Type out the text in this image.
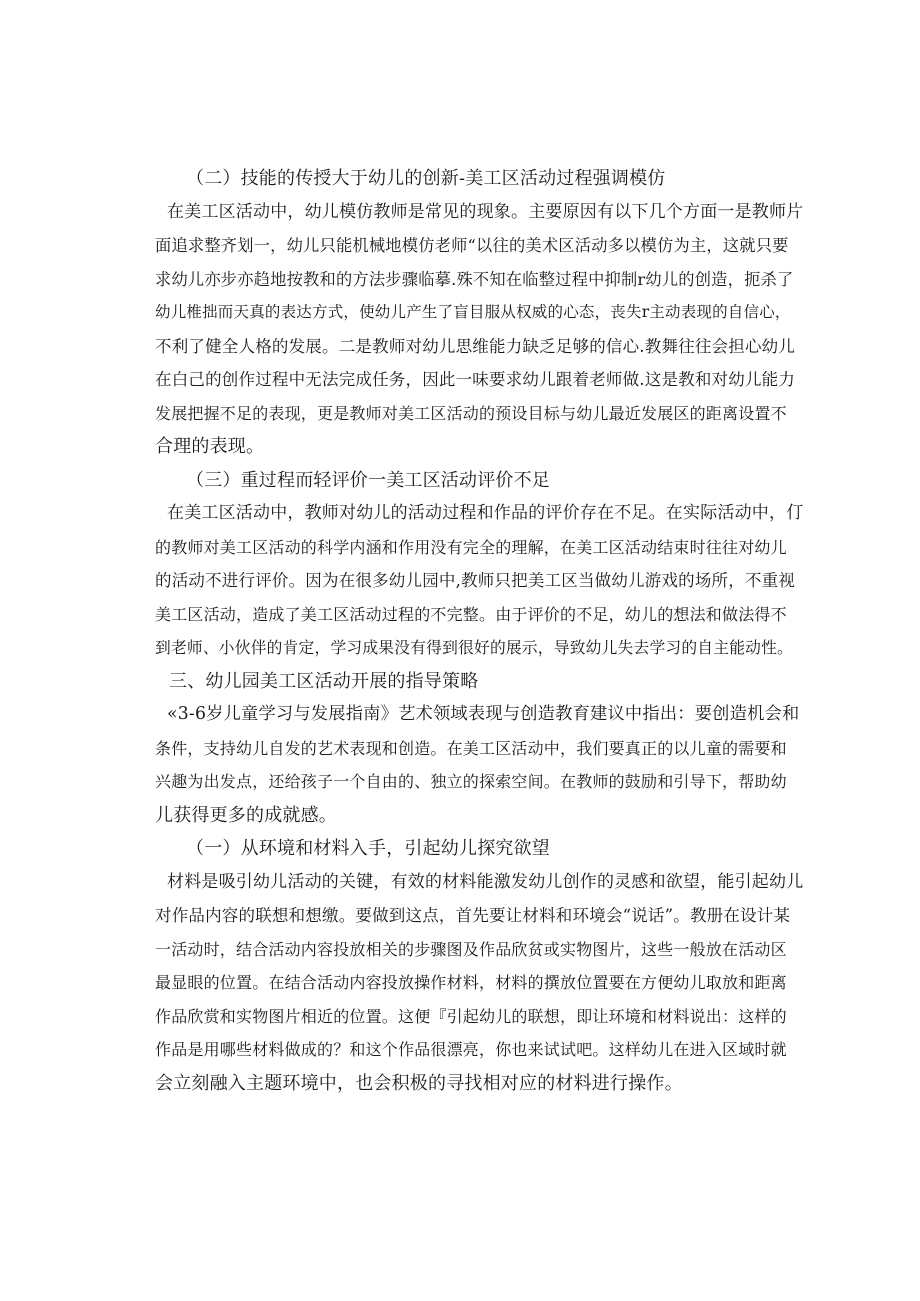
（二）技能的传授大于幼儿的创新-美工区活动过程强调模仿
在美工区活动中，幼儿模仿教师是常见的现象。主要原因有以下几个方面一是教师片
面追求整齐划一，幼儿只能机械地模仿老师“以往的美术区活动多以模仿为主，这就只要
求幼儿亦步亦趋地按教和的方法步骤临摹.殊不知在临整过程中抑制r幼儿的创造，扼杀了
幼儿椎拙而天真的表达方式，使幼儿产生了盲目服从权威的心态，丧失r主动表现的自信心，
不利了健全人格的发展。二是教师对幼儿思维能力缺乏足够的信心.教舞往往会担心幼儿
在白己的创作过程中无法完成任务，因此一味要求幼儿跟着老师做.这是教和对幼儿能力
发展把握不足的表现，更是教师对美工区活动的预设目标与幼儿最近发展区的距离设置不
合理的表现。
（三）重过程而轻评价一美工区活动评价不足
在美工区活动中，教师对幼儿的活动过程和作品的评价存在不足。在实际活动中，仃
的教师对美工区活动的科学内涵和作用没有完全的理解，在美工区活动结束时往往对幼儿
的活动不进行评价。因为在很多幼儿园中,教师只把美工区当做幼儿游戏的场所，不重视
美工区活动，造成了美工区活动过程的不完整。由于评价的不足，幼儿的想法和做法得不
到老师、小伙伴的肯定，学习成果没有得到很好的展示，导致幼儿失去学习的自主能动性。
三、幼儿园美工区活动开展的指导策略
«3-6岁儿童学习与发展指南》艺术领域表现与创造教育建议中指出：要创造机会和
条件，支持幼儿自发的艺术表现和创造。在美工区活动中，我们要真正的以儿童的需要和
兴趣为出发点，还给孩子一个自由的、独立的探索空间。在教师的鼓励和引导下，帮助幼
儿获得更多的成就感。
（一）从环境和材料入手，引起幼儿探究欲望
材料是吸引幼儿活动的关键，有效的材料能激发幼儿创作的灵感和欲望，能引起幼儿
对作品内容的联想和想缴。要做到这点，首先要让材料和环境会“说话”。教册在设计某
一活动时，结合活动内容投放相关的步骤图及作品欣贫或实物图片，这些一般放在活动区
最显眼的位置。在结合活动内容投放操作材料，材料的撰放位置要在方便幼儿取放和距离
作品欣赏和实物图片相近的位置。这便『引起幼儿的联想，即让环境和材料说出：这样的
作品是用哪些材料做成的？和这个作品很漂亮，你也来试试吧。这样幼儿在进入区域时就
会立刻融入主题环境中，也会积极的寻找相对应的材料进行操作。
